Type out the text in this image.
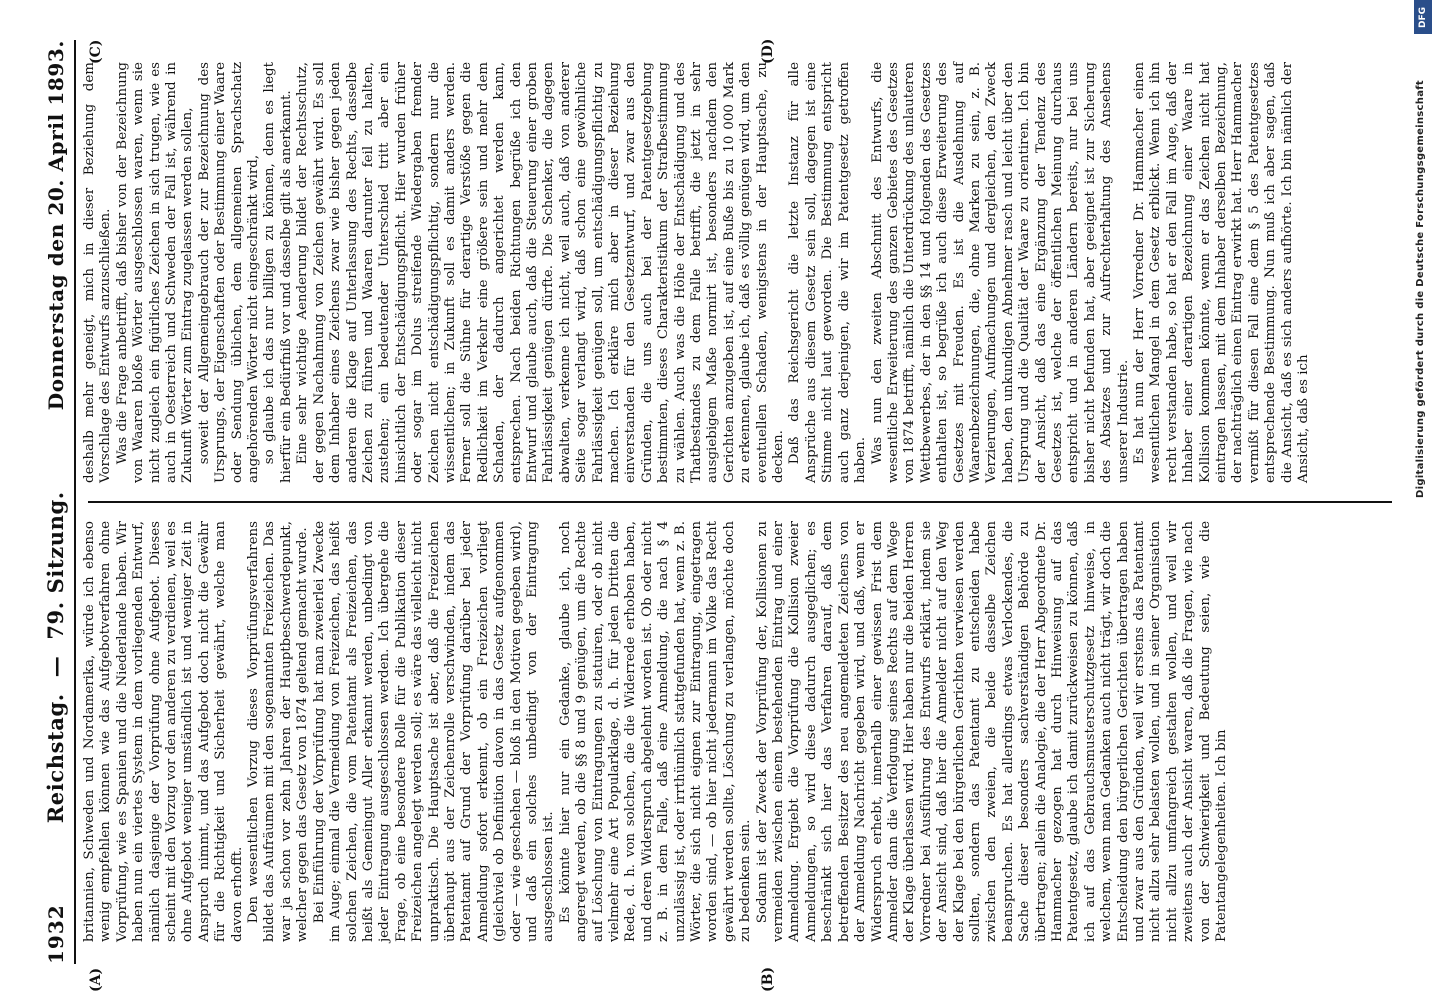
1932
Reichstag.—79. Sitzung.
Donnerstag den 20. April 1893.
(A)	(B)
(C)	(D)

britannien, Schweden und Nordamerika, würde ich ebenso wenig empfehlen können wie das Aufgebotverfahren ohne Vorprüfung, wie es Spanien und die Niederlande haben. Wir haben nun ein viertes System in dem vorliegenden Entwurf, nämlich dasjenige der Vorprüfung ohne Aufgebot. Dieses scheint mit den Vorzug vor den anderen zu verdienen, weil es ohne Aufgebot weniger umständlich ist und weniger Zeit in Anspruch nimmt, und das Aufgebot doch nicht die Gewähr für die Richtigkeit und Sicherheit gewährt, welche man davon erhofft. Den wesentlichen Vorzug dieses Vorprüfungsverfahrens bildet das Aufräumen mit den sogenannten Freizeichen. Das war ja schon vor zehn Jahren der Hauptbeschwerdepunkt, welcher gegen das Gesetz von 1874 geltend gemacht wurde. Bei Einführung der Vorprüfung hat man zweierlei Zwecke im Auge; einmal die Vermeidung von Freizeichen, das heißt solchen Zeichen, die vom Patentamt als Freizeichen, das heißt als Gemeingut Aller erkannt werden, unbedingt von jeder Eintragung ausgeschlossen werden. Ich übergehe die Frage, ob eine besondere Rolle für die Publikation dieser Freizeichen angelegt werden soll; es wäre das vielleicht nicht unpraktisch. Die Hauptsache ist aber, daß die Freizeichen überhaupt aus der Zeichenrolle verschwinden, indem das Patentamt auf Grund der Vorprüfung darüber bei jeder Anmeldung sofort erkennt, ob ein Freizeichen vorliegt (gleichviel ob Definition davon in das Gesetz aufgenommen oder — wie geschehen — bloß in den Motiven gegeben wird), und daß ein solches unbedingt von der Eintragung ausgeschlossen ist. Es könnte hier nur ein Gedanke, glaube ich, noch angeregt werden, ob die §§ 8 und 9 genügen, um die Rechte auf Löschung von Eintragungen zu statuiren, oder ob nicht vielmehr eine Art Popularklage, d. h. für jeden Dritten die Rede, d. h. von solchen, die die Widerrede erhoben haben, und deren Widerspruch abgelehnt worden ist. Ob oder nicht z. B. in dem Falle, daß eine Anmeldung, die nach § 4 unzulässig ist, oder irrthümlich stattgefunden hat, wenn z. B. Wörter, die sich nicht eignen zur Eintragung, eingetragen worden sind, — ob hier nicht jedermann im Volke das Recht gewährt werden sollte, Löschung zu verlangen, möchte doch zu bedenken sein. Sodann ist der Zweck der Vorprüfung der, Kollisionen zu vermeiden zwischen einem bestehenden Eintrag und einer Anmeldung. Ergiebt die Vorprüfung die Kollision zweier Anmeldungen, so wird diese dadurch ausgeglichen; es beschränkt sich hier das Verfahren darauf, daß dem betreffenden Besitzer des neu angemeldeten Zeichens von der Anmeldung Nachricht gegeben wird, und daß, wenn er Widerspruch erhebt, innerhalb einer gewissen Frist dem Anmelder dann die Verfolgung seines Rechts auf dem Wege der Klage überlassen wird. Hier haben nur die beiden Herren Vorredner bei Ausführung des Entwurfs erklärt, indem sie der Ansicht sind, daß hier die Anmelder nicht auf den Weg der Klage bei den bürgerlichen Gerichten verwiesen werden sollten, sondern das Patentamt zu entscheiden habe zwischen den zweien, die beide dasselbe Zeichen beanspruchen. Es hat allerdings etwas Verlockendes, die Sache dieser besonders sachverständigen Behörde zu übertragen; allein die Analogie, die der Herr Abgeordnete Dr. Hammacher gezogen hat durch Hinweisung auf das Patentgesetz, glaube ich damit zurückweisen zu können, daß ich auf das Gebrauchsmusterschutzgesetz hinweise, in welchem, wenn man Gedanken auch nicht trägt, wir doch die Entscheidung den bürgerlichen Gerichten übertragen haben und zwar aus den Gründen, weil wir erstens das Patentamt nicht allzu sehr belasten wollen, und in seiner Organisation nicht allzu umfangreich gestalten wollen, und weil wir zweitens auch der Ansicht waren, daß die Fragen, wie nach von der Schwierigkeit und Bedeutung seien, wie die Patentangelegenheiten. Ich bin

deshalb mehr geneigt, mich in dieser Beziehung dem Vorschlage des Entwurfs anzuschließen. Was die Frage anbetrifft, daß bisher von der Bezeichnung von Waaren bloße Wörter ausgeschlossen waren, wenn sie nicht zugleich ein figürliches Zeichen in sich trugen, wie es auch in Oesterreich und Schweden der Fall ist, während in Zukunft Wörter zum Eintrag zugelassen werden sollen, soweit der Allgemeingebrauch der zur Bezeichnung des Ursprungs, der Eigenschaften oder Bestimmung einer Waare oder Sendung üblichen, dem allgemeinen Sprachschatz angehörenden Wörter nicht eingeschränkt wird, so glaube ich das nur billigen zu können, denn es liegt hierfür ein Bedürfniß vor und dasselbe gilt als anerkannt. Eine sehr wichtige Aenderung bildet der Rechtsschutz, der gegen Nachahmung von Zeichen gewährt wird. Es soll dem Inhaber eines Zeichens zwar wie bisher gegen jeden anderen die Klage auf Unterlassung des Rechts, dasselbe Zeichen zu führen und Waaren darunter feil zu halten, zustehen; ein bedeutender Unterschied tritt aber ein hinsichtlich der Entschädigungspflicht. Hier wurden früher oder sogar im Dolus streifende Wiedergaben fremder Zeichen nicht entschädigungspflichtig, sondern nur die wissentlichen; in Zukunft soll es damit anders werden. Ferner soll die Sühne für derartige Verstöße gegen die Redlichkeit im Verkehr eine größere sein und mehr dem Schaden, der dadurch angerichtet werden kann, entsprechen. Nach beiden Richtungen begrüße ich den Entwurf und glaube auch, daß die Steuerung einer groben Fahrlässigkeit genügen dürfte. Die Schenker, die dagegen abwalten, verkenne ich nicht, weil auch, daß von anderer Seite sogar verlangt wird, daß schon eine gewöhnliche Fahrlässigkeit genügen soll, um entschädigungspflichtig zu machen. Ich erkläre mich aber in dieser Beziehung einverstanden für den Gesetzentwurf, und zwar aus den Gründen, die uns auch bei der Patentgesetzgebung bestimmten, dieses Charakteristikum der Strafbestimmung zu wählen. Auch was die Höhe der Entschädigung und des Thatbestandes zu dem Falle betrifft, die jetzt in sehr ausgiebigem Maße normirt ist, besonders nachdem den Gerichten anzugeben ist, auf eine Buße bis zu 10 000 Mark zu erkennen, glaube ich, daß es völlig genügen wird, um den eventuellen Schaden, wenigstens in der Hauptsache, zu decken. Daß das Reichsgericht die letzte Instanz für alle Ansprüche aus diesem Gesetz sein soll, dagegen ist eine Stimme nicht laut geworden. Die Bestimmung entspricht auch ganz derjenigen, die wir im Patentgesetz getroffen haben. Was nun den zweiten Abschnitt des Entwurfs, die wesentliche Erweiterung des ganzen Gebietes des Gesetzes von 1874 betrifft, nämlich die Unterdrückung des unlauteren Wettbewerbes, der in den §§ 14 und folgenden des Gesetzes enthalten ist, so begrüße ich auch diese Erweiterung des Gesetzes mit Freuden. Es ist die Ausdehnung auf Waarenbezeichnungen, die, ohne Marken zu sein, z. B. Verzierungen, Aufmachungen und dergleichen, den Zweck haben, den unkundigen Abnehmer rasch und leicht über den Ursprung und die Qualität der Waare zu orientiren. Ich bin der Ansicht, daß das eine Ergänzung der Tendenz des Gesetzes ist, welche der öffentlichen Meinung durchaus entspricht und in anderen Ländern bereits, nur bei uns bisher nicht befunden hat, aber geeignet ist zur Sicherung des Absatzes und zur Aufrechterhaltung des Ansehens unserer Industrie. Es hat nun der Herr Vorredner Dr. Hammacher einen wesentlichen Mangel in dem Gesetz erblickt. Wenn ich ihn recht verstanden habe, so hat er den Fall im Auge, daß der Inhaber einer derartigen Bezeichnung einer Waare in Kollision kommen könnte, wenn er das Zeichen nicht hat eintragen lassen, mit dem Inhaber derselben Bezeichnung, der nachträglich einen Eintrag erwirkt hat. Herr Hammacher vermißt für diesen Fall eine dem § 5 des Patentgesetzes entsprechende Bestimmung. Nun muß ich aber sagen, daß die Ansicht, daß es sich anders aufhörte. Ich bin nämlich der Ansicht, daß es ich

DFG
Digitalisierung gefördert durch die Deutsche Forschungsgemeinschaft
